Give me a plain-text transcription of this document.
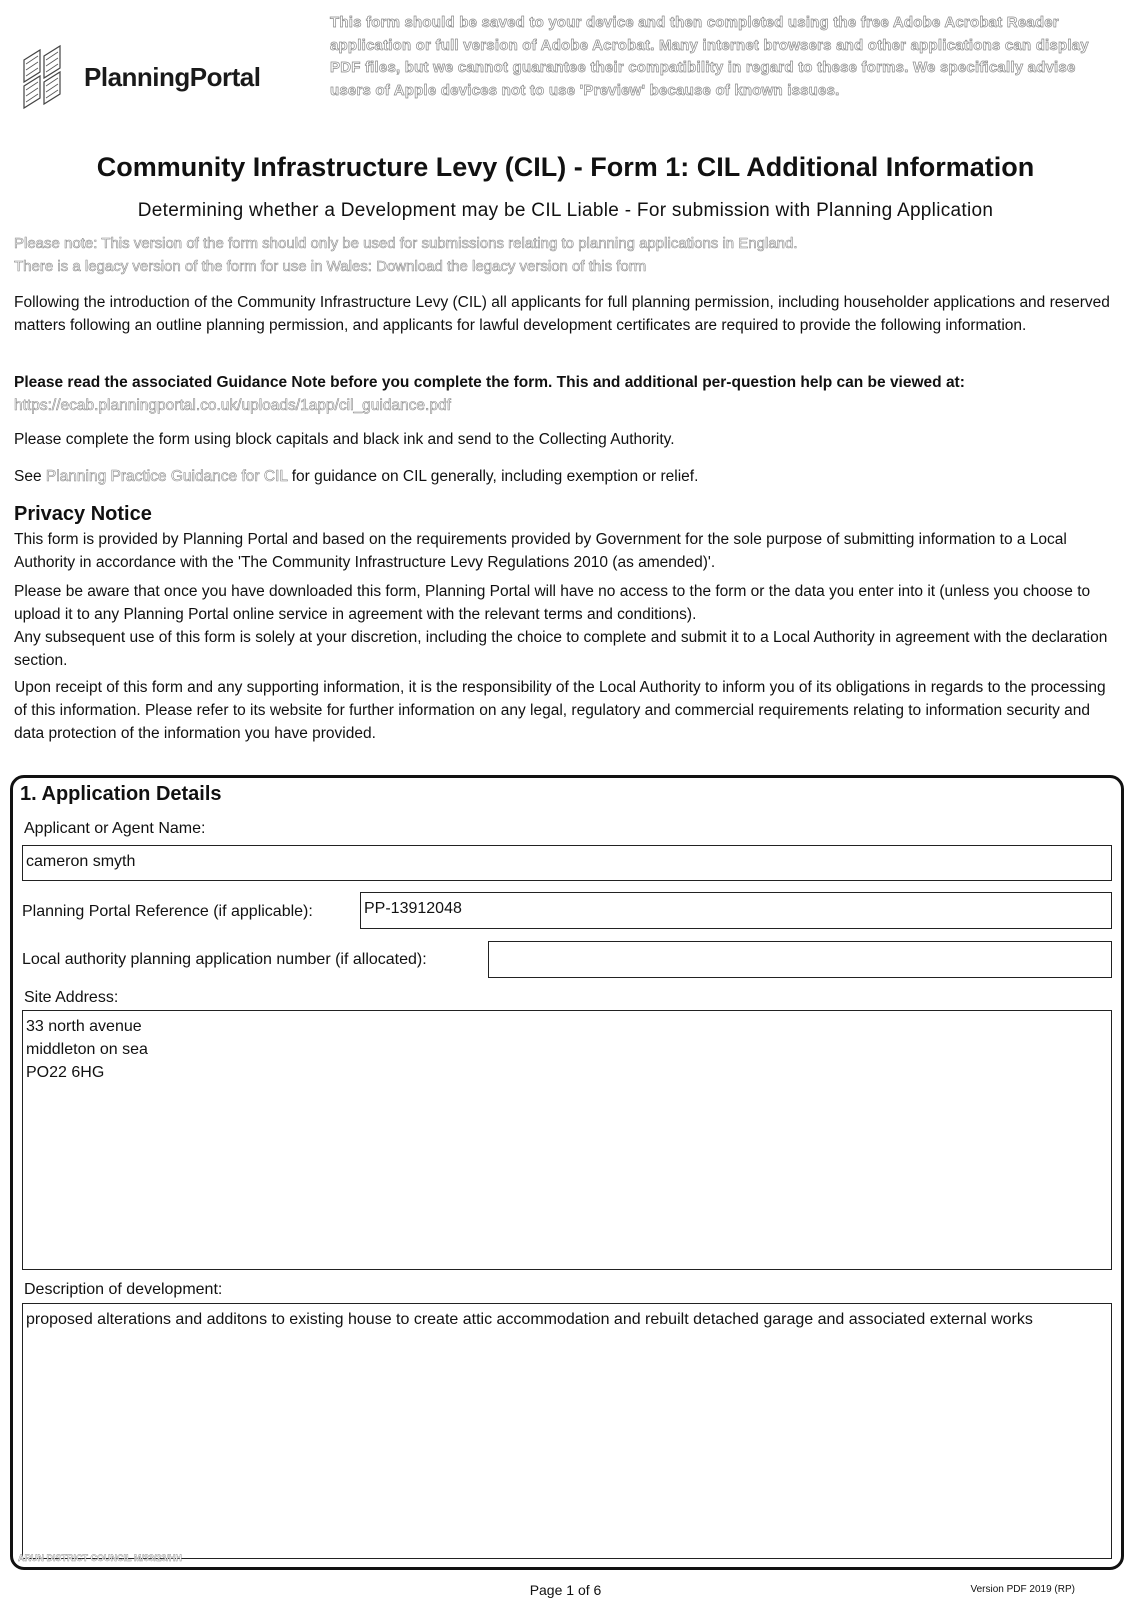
PlanningPortal
This form should be saved to your device and then completed using the free Adobe Acrobat Reader application or full version of Adobe Acrobat. Many internet browsers and other applications can display PDF files, but we cannot guarantee their compatibility in regard to these forms. We specifically advise users of Apple devices not to use 'Preview' because of known issues.
Community Infrastructure Levy (CIL) - Form 1: CIL Additional Information
Determining whether a Development may be CIL Liable - For submission with Planning Application
Please note: This version of the form should only be used for submissions relating to planning applications in England.
There is a legacy version of the form for use in Wales: Download the legacy version of this form
Following the introduction of the Community Infrastructure Levy (CIL) all applicants for full planning permission, including householder applications and reserved matters following an outline planning permission, and applicants for lawful development certificates are required to provide the following information.
Please read the associated Guidance Note before you complete the form. This and additional per-question help can be viewed at:
https://ecab.planningportal.co.uk/uploads/1app/cil_guidance.pdf
Please complete the form using block capitals and black ink and send to the Collecting Authority.
See Planning Practice Guidance for CIL for guidance on CIL generally, including exemption or relief.
Privacy Notice
This form is provided by Planning Portal and based on the requirements provided by Government for the sole purpose of submitting information to a Local Authority in accordance with the 'The Community Infrastructure Levy Regulations 2010 (as amended)'.
Please be aware that once you have downloaded this form, Planning Portal will have no access to the form or the data you enter into it (unless you choose to upload it to any Planning Portal online service in agreement with the relevant terms and conditions).
Any subsequent use of this form is solely at your discretion, including the choice to complete and submit it to a Local Authority in agreement with the declaration section.
Upon receipt of this form and any supporting information, it is the responsibility of the Local Authority to inform you of its obligations in regards to the processing of this information. Please refer to its website for further information on any legal, regulatory and commercial requirements relating to information security and data protection of the information you have provided.
1. Application Details
Applicant or Agent Name:
cameron smyth
Planning Portal Reference (if applicable):	PP-13912048
Local authority planning application number (if allocated):
Site Address:
33 north avenue
middleton on sea
PO22 6HG
Description of development:
proposed alterations and additons to existing house to create attic accommodation and rebuilt detached garage and associated external works
ARUN DISTRICT COUNCIL M/33/23/HH
Page 1 of 6	Version PDF 2019 (RP)
